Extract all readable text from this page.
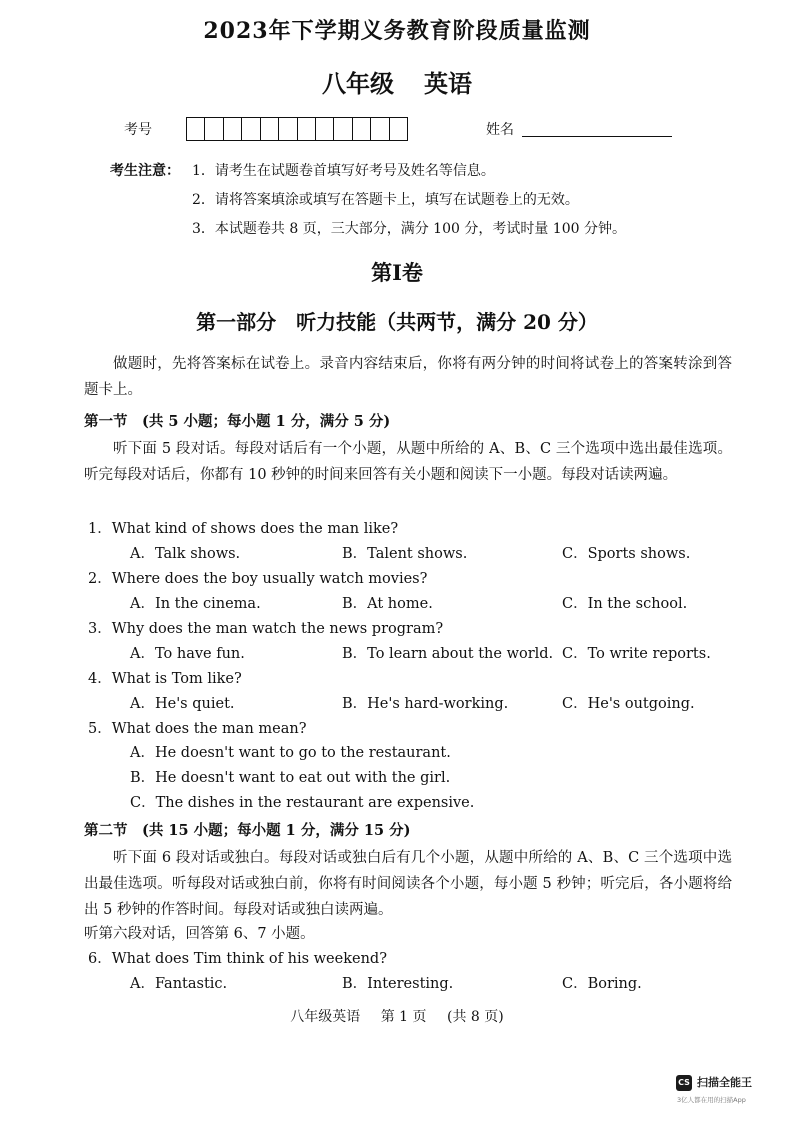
2023年下学期义务教育阶段质量监测
八年级 英语
考号	姓名
考生注意： 1．请考生在试题卷首填写好考号及姓名等信息。
2．请将答案填涂或填写在答题卡上，填写在试题卷上的无效。
3．本试题卷共 8 页，三大部分，满分 100 分，考试时量 100 分钟。
第Ⅰ卷
第一部分　听力技能（共两节，满分 20 分）
做题时，先将答案标在试卷上。录音内容结束后，你将有两分钟的时间将试卷上的答案转涂到答题卡上。
第一节　(共 5 小题；每小题 1 分，满分 5 分)
听下面 5 段对话。每段对话后有一个小题，从题中所给的 A、B、C 三个选项中选出最佳选项。听完每段对话后，你都有 10 秒钟的时间来回答有关小题和阅读下一小题。每段对话读两遍。
1．What kind of shows does the man like?
A．Talk shows.	B．Talent shows.	C．Sports shows.
2．Where does the boy usually watch movies?
A．In the cinema.	B．At home.	C．In the school.
3．Why does the man watch the news program?
A．To have fun.	B．To learn about the world. C．To write reports.
4．What is Tom like?
A．He's quiet.	B．He's hard-working.	C．He's outgoing.
5．What does the man mean?
A．He doesn't want to go to the restaurant.
B．He doesn't want to eat out with the girl.
C．The dishes in the restaurant are expensive.
第二节　(共 15 小题；每小题 1 分，满分 15 分)
听下面 6 段对话或独白。每段对话或独白后有几个小题，从题中所给的 A、B、C 三个选项中选出最佳选项。听每段对话或独白前，你将有时间阅读各个小题，每小题 5 秒钟；听完后，各小题将给出 5 秒钟的作答时间。每段对话或独白读两遍。
听第六段对话，回答第 6、7 小题。
6．What does Tim think of his weekend?
A．Fantastic.	B．Interesting.	C．Boring.
八年级英语 第 1 页 (共 8 页)
CS 扫描全能王
3亿人都在用的扫描App
